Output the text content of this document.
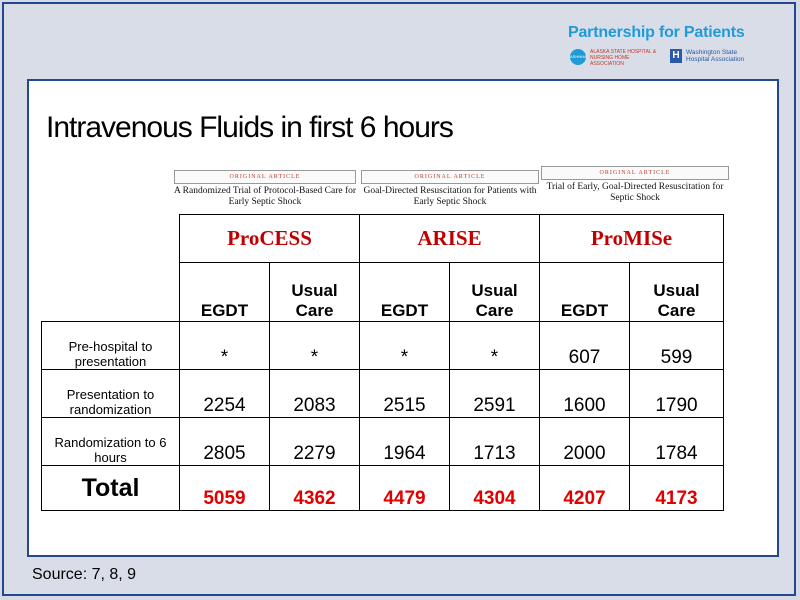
Partnership for Patients
ASHNHA
ALASKA STATE HOSPITAL & NURSING HOME ASSOCIATION
H Washington State Hospital Association
Intravenous Fluids in first 6 hours
ORIGINAL ARTICLE
A Randomized Trial of Protocol-Based Care for Early Septic Shock
ORIGINAL ARTICLE
Goal-Directed Resuscitation for Patients with Early Septic Shock
ORIGINAL ARTICLE
Trial of Early, Goal-Directed Resuscitation for Septic Shock
	ProCESS		ARISE		ProMISe	
	EGDT	Usual Care	EGDT	Usual Care	EGDT	Usual Care
Pre-hospital to presentation	*	*	*	*	607	599
Presentation to randomization	2254	2083	2515	2591	1600	1790
Randomization to 6 hours	2805	2279	1964	1713	2000	1784
Total	5059	4362	4479	4304	4207	4173
Source: 7, 8, 9
